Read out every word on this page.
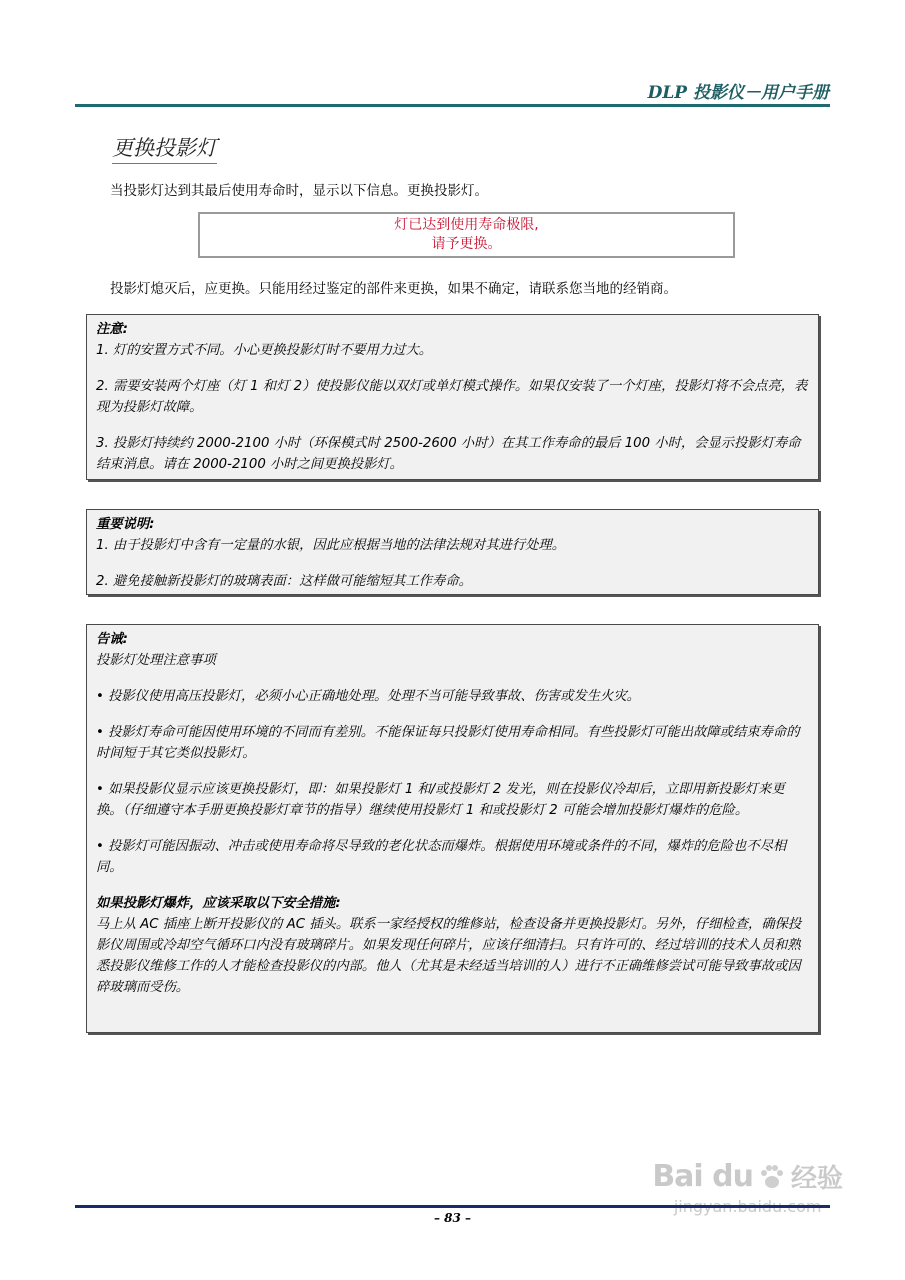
DLP 投影仪－用户手册
更换投影灯
当投影灯达到其最后使用寿命时，显示以下信息。更换投影灯。
灯已达到使用寿命极限,
请予更换。
投影灯熄灭后，应更换。只能用经过鉴定的部件来更换，如果不确定，请联系您当地的经销商。

注意:

1. 灯的安置方式不同。小心更换投影灯时不要用力过大。

2. 需要安装两个灯座（灯 1 和灯 2）使投影仪能以双灯或单灯模式操作。如果仅安装了一个灯座，投影灯将不会点亮，表现为投影灯故障。

3. 投影灯持续约 2000-2100 小时（环保模式时 2500-2600 小时）在其工作寿命的最后 100 小时，会显示投影灯寿命结束消息。请在 2000-2100 小时之间更换投影灯。

重要说明:

1. 由于投影灯中含有一定量的水银，因此应根据当地的法律法规对其进行处理。

2. 避免接触新投影灯的玻璃表面：这样做可能缩短其工作寿命。

告诫:

投影灯处理注意事项

• 投影仪使用高压投影灯，必须小心正确地处理。处理不当可能导致事故、伤害或发生火灾。

• 投影灯寿命可能因使用环境的不同而有差别。不能保证每只投影灯使用寿命相同。有些投影灯可能出故障或结束寿命的时间短于其它类似投影灯。

• 如果投影仪显示应该更换投影灯，即：如果投影灯 1 和/或投影灯 2 发光，则在投影仪冷却后，立即用新投影灯来更换。（仔细遵守本手册更换投影灯章节的指导）继续使用投影灯 1 和或投影灯 2 可能会增加投影灯爆炸的危险。

• 投影灯可能因振动、冲击或使用寿命将尽导致的老化状态而爆炸。根据使用环境或条件的不同，爆炸的危险也不尽相同。

如果投影灯爆炸，应该采取以下安全措施:

马上从 AC 插座上断开投影仪的 AC 插头。联系一家经授权的维修站，检查设备并更换投影灯。另外，仔细检查，确保投影仪周围或冷却空气循环口内没有玻璃碎片。如果发现任何碎片，应该仔细清扫。只有许可的、经过培训的技术人员和熟悉投影仪维修工作的人才能检查投影仪的内部。他人（尤其是未经适当培训的人）进行不正确维修尝试可能导致事故或因碎玻璃而受伤。

Bai du 经验
– 83 –
